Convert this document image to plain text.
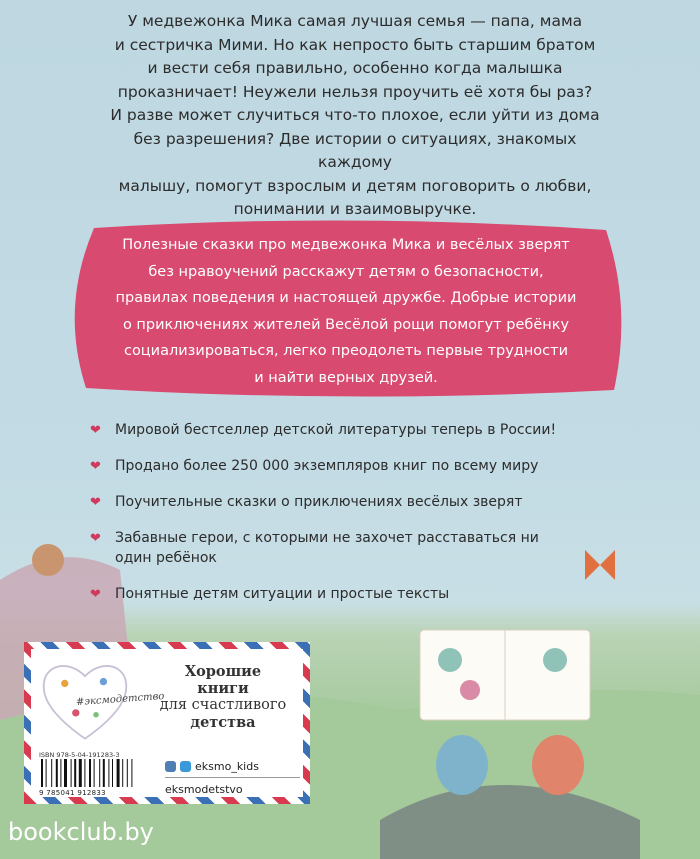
У медвежонка Мика самая лучшая семья — папа, мама

и сестричка Мими. Но как непросто быть старшим братом

и вести себя правильно, особенно когда малышка

проказничает! Неужели нельзя проучить её хотя бы раз?

И разве может случиться что-то плохое, если уйти из дома

без разрешения? Две истории о ситуациях, знакомых каждому

малышу, помогут взрослым и детям поговорить о любви,

понимании и взаимовыручке.

Полезные сказки про медвежонка Мика и весёлых зверят

без нравоучений расскажут детям о безопасности,

правилах поведения и настоящей дружбе. Добрые истории

о приключениях жителей Весёлой рощи помогут ребёнку

социализироваться, легко преодолеть первые трудности

и найти верных друзей.

❤ Мировой бестселлер детской литературы теперь в России!
❤ Продано более 250 000 экземпляров книг по всему миру
❤ Поучительные сказки о приключениях весёлых зверят
❤ Забавные герои, с которыми не захочет расставаться ни один ребёнок
❤ Понятные детям ситуации и простые тексты
#эксмодетство
Хорошие
книги
для счастливого
детства
ISBN 978-5-04-191283-3
9 785041 912833
eksmo_kids
eksmodetstvo
bookclub.by
